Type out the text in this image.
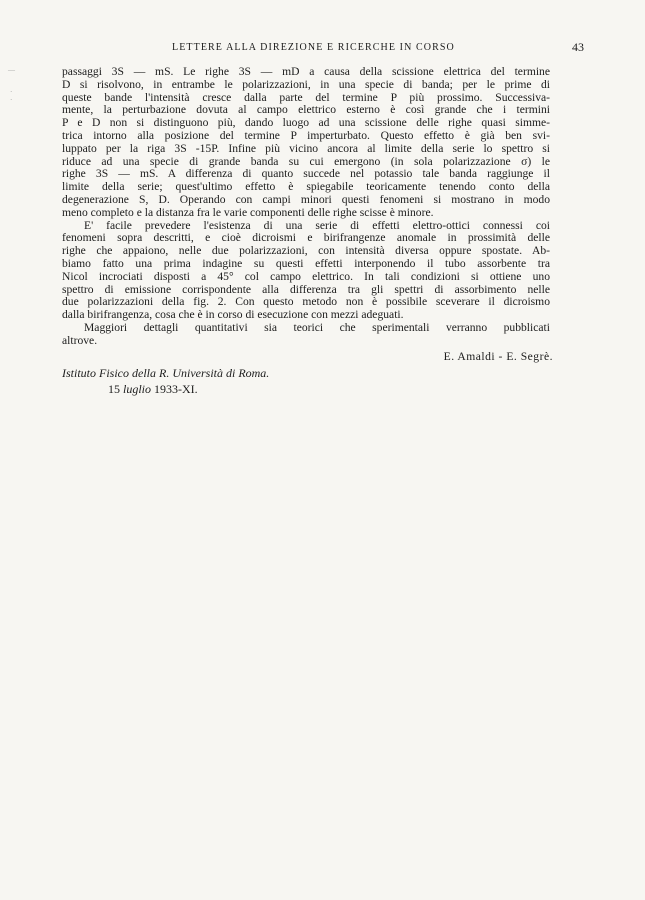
LETTERE ALLA DIREZIONE E RICERCHE IN CORSO	43
—
·
·

passaggi 3S — mS. Le righe 3S — mD a causa della scissione elettrica del termine
D si risolvono, in entrambe le polarizzazioni, in una specie di banda; per le prime di
queste bande l'intensità cresce dalla parte del termine P più prossimo. Successiva-
mente, la perturbazione dovuta al campo elettrico esterno è così grande che i termini
P e D non si distinguono più, dando luogo ad una scissione delle righe quasi simme-
trica intorno alla posizione del termine P imperturbato. Questo effetto è già ben svi-
luppato per la riga 3S -15P. Infine più vicino ancora al limite della serie lo spettro si
riduce ad una specie di grande banda su cui emergono (in sola polarizzazione σ) le
righe 3S — mS. A differenza di quanto succede nel potassio tale banda raggiunge il
limite della serie; quest'ultimo effetto è spiegabile teoricamente tenendo conto della
degenerazione S, D. Operando con campi minori questi fenomeni si mostrano in modo
meno completo e la distanza fra le varie componenti delle righe scisse è minore.

E' facile prevedere l'esistenza di una serie di effetti elettro-ottici connessi coi
fenomeni sopra descritti, e cioè dicroismi e birifrangenze anomale in prossimità delle
righe che appaiono, nelle due polarizzazioni, con intensità diversa oppure spostate. Ab-
biamo fatto una prima indagine su questi effetti interponendo il tubo assorbente tra
Nicol incrociati disposti a 45° col campo elettrico. In tali condizioni si ottiene uno
spettro di emissione corrispondente alla differenza tra gli spettri di assorbimento nelle
due polarizzazioni della fig. 2. Con questo metodo non è possibile sceverare il dicroismo
dalla birifrangenza, cosa che è in corso di esecuzione con mezzi adeguati.

Maggiori dettagli quantitativi sia teorici che sperimentali verranno pubblicati
altrove.

E. Amaldi - E. Segrè.
Istituto Fisico della R. Università di Roma.
15 luglio 1933-XI.
